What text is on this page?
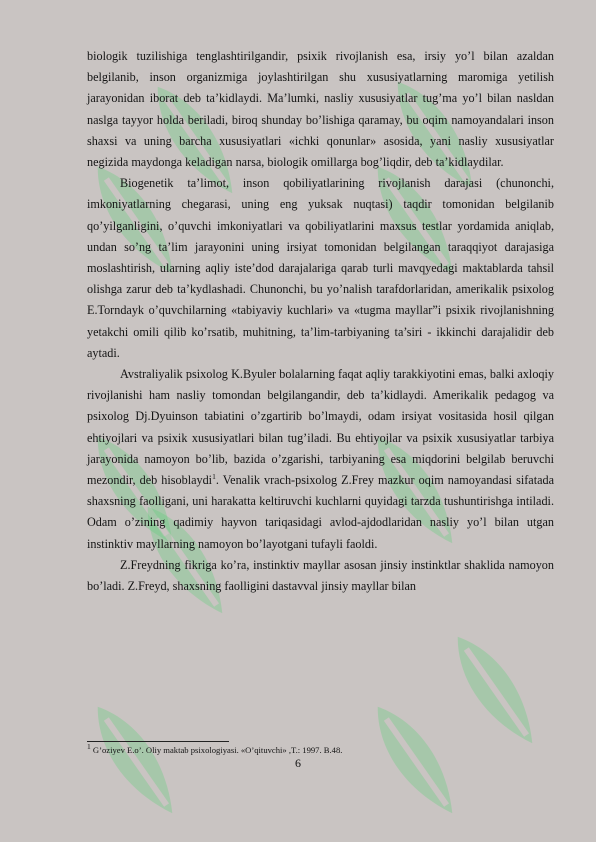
biologik tuzilishiga tenglashtirilgandir, psixik rivojlanish esa, irsiy yo’l bilan azaldan belgilanib, inson organizmiga joylashtirilgan shu xususiyatlarning maromiga yetilish jarayonidan iborat deb ta’kidlaydi. Ma’lumki, nasliy xususiyatlar tug’ma yo’l bilan nasldan naslga tayyor holda beriladi, biroq shunday bo’lishiga qaramay, bu oqim namoyandalari inson shaxsi va uning barcha xususiyatlari «ichki qonunlar» asosida, yani nasliy xususiyatlar negizida maydonga keladigan narsa, biologik omillarga bog’liqdir, deb ta’kidlaydilar.

Biogenetik ta’limot, inson qobiliyatlarining rivojlanish darajasi (chunonchi, imkoniyatlarning chegarasi, uning eng yuksak nuqtasi) taqdir tomonidan belgilanib qo’yilganligini, o’quvchi imkoniyatlari va qobiliyatlarini maxsus testlar yordamida aniqlab, undan so’ng ta’lim jarayonini uning irsiyat tomonidan belgilangan taraqqiyot darajasiga moslashtirish, ularning aqliy iste’dod darajalariga qarab turli mavqyedagi maktablarda tahsil olishga zarur deb ta’kydlashadi. Chunonchi, bu yo’nalish tarafdorlaridan, amerikalik psixolog E.Torndayk o’quvchilarning «tabiyaviy kuchlari» va «tugma mayllar”i psixik rivojlanishning yetakchi omili qilib ko’rsatib, muhitning, ta’lim-tarbiyaning ta’siri - ikkinchi darajalidir deb aytadi.

Avstraliyalik psixolog K.Byuler bolalarning faqat aqliy tarakkiyotini emas, balki axloqiy rivojlanishi ham nasliy tomondan belgilangandir, deb ta’kidlaydi. Amerikalik pedagog va psixolog Dj.Dyuinson tabiatini o’zgartirib bo’lmaydi, odam irsiyat vositasida hosil qilgan ehtiyojlari va psixik xususiyatlari bilan tug’iladi. Bu ehtiyojlar va psixik xususiyatlar tarbiya jarayonida namoyon bo’lib, bazida o’zgarishi, tarbiyaning esa miqdorini belgilab beruvchi mezondir, deb hisoblaydi$^1$. Venalik vrach-psixolog Z.Frey mazkur oqim namoyandasi sifatada shaxsning faolligani, uni harakatta keltiruvchi kuchlarni quyidagi tarzda tushuntirishga intiladi. Odam o’zining qadimiy hayvon tariqasidagi avlod-ajdodlaridan nasliy yo’l bilan utgan instinktiv mayllarning namoyon bo’layotgani tufayli faoldi.

Z.Freydning fikriga ko’ra, instinktiv mayllar asosan jinsiy instinktlar shaklida namoyon bo’ladi. Z.Freyd, shaxsning faolligini dastavval jinsiy mayllar bilan

$^1$ G’oziyev E.o’. Oliy maktab psixologiyasi. «O’qituvchi» ,T.: 1997. B.48.
6
